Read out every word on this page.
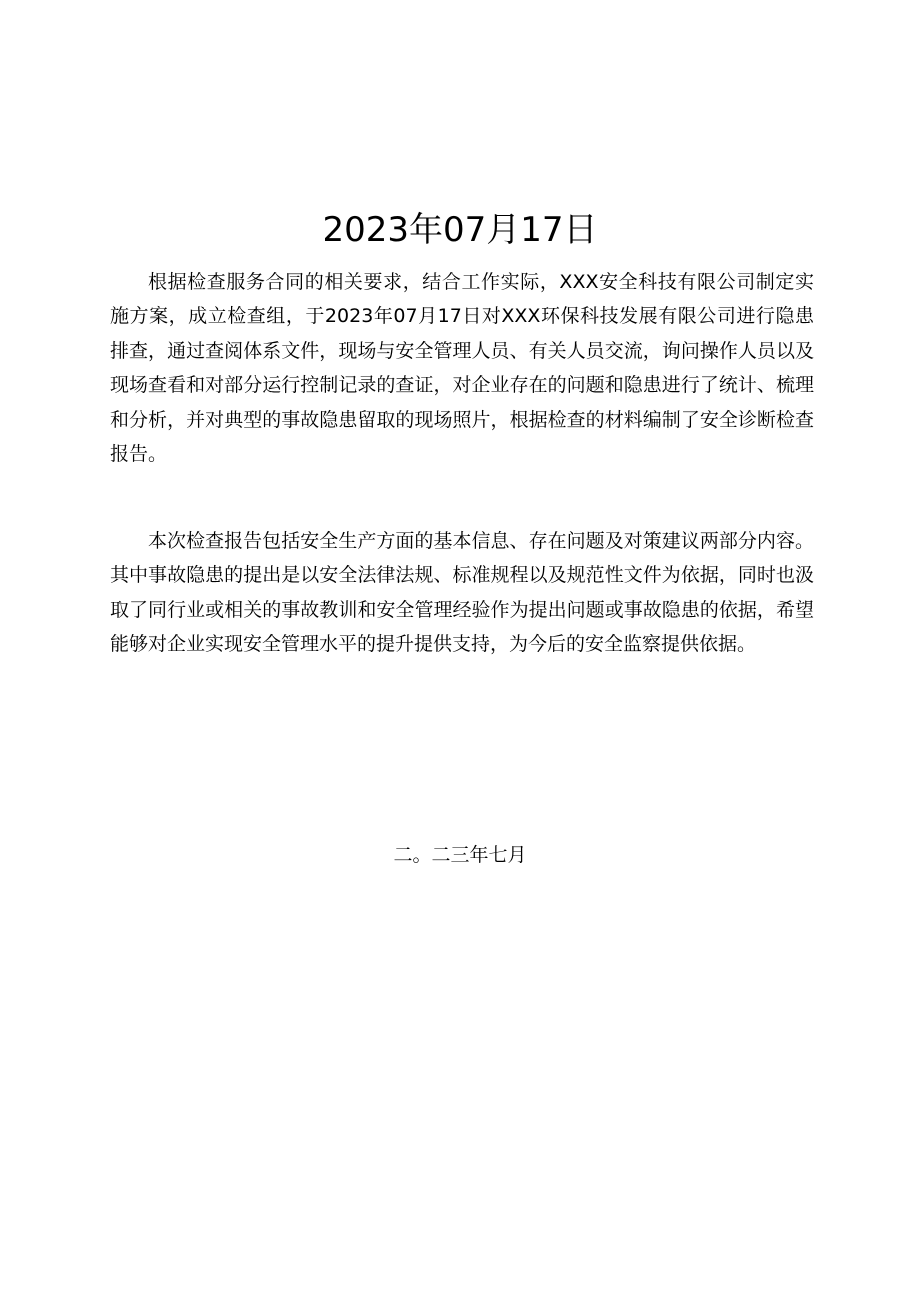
2023年07月17日

根据检查服务合同的相关要求，结合工作实际，XXX安全科技有限公司制定实施方案，成立检查组，于2023年07月17日对XXX环保科技发展有限公司进行隐患排查，通过查阅体系文件，现场与安全管理人员、有关人员交流，询问操作人员以及现场查看和对部分运行控制记录的查证，对企业存在的问题和隐患进行了统计、梳理和分析，并对典型的事故隐患留取的现场照片，根据检查的材料编制了安全诊断检查报告。

本次检查报告包括安全生产方面的基本信息、存在问题及对策建议两部分内容。其中事故隐患的提出是以安全法律法规、标准规程以及规范性文件为依据，同时也汲取了同行业或相关的事故教训和安全管理经验作为提出问题或事故隐患的依据，希望能够对企业实现安全管理水平的提升提供支持，为今后的安全监察提供依据。

二。二三年七月
